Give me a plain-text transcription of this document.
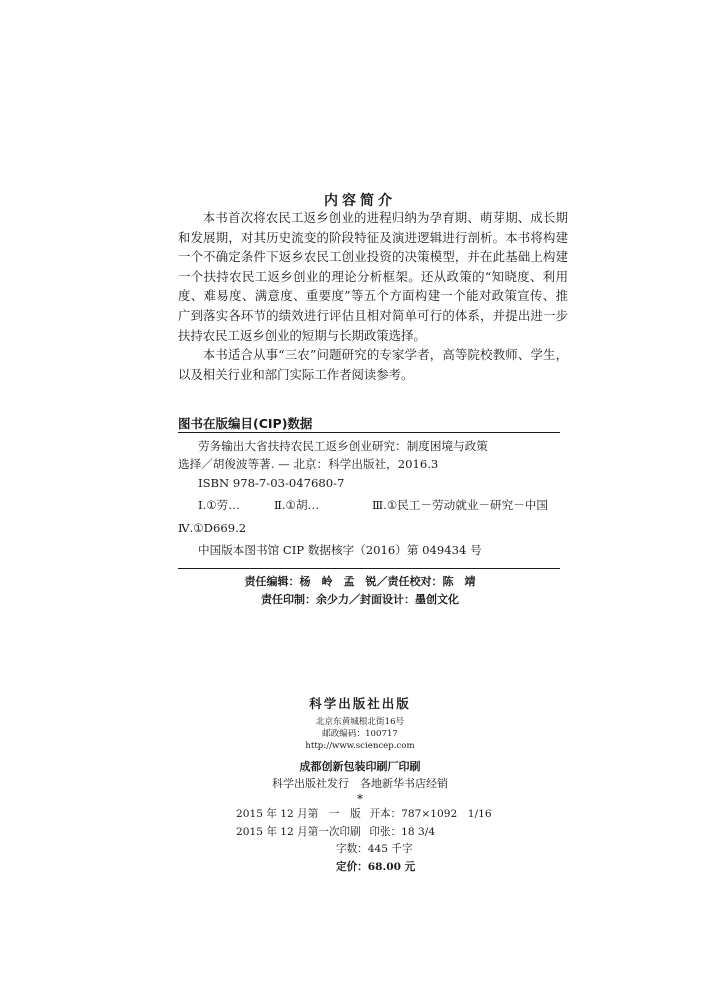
内容简介

本书首次将农民工返乡创业的进程归纳为孕育期、萌芽期、成长期和发展期，对其历史流变的阶段特征及演进逻辑进行剖析。本书将构建一个不确定条件下返乡农民工创业投资的决策模型，并在此基础上构建一个扶持农民工返乡创业的理论分析框架。还从政策的“知晓度、利用度、难易度、满意度、重要度”等五个方面构建一个能对政策宣传、推广到落实各环节的绩效进行评估且相对简单可行的体系，并提出进一步扶持农民工返乡创业的短期与长期政策选择。

本书适合从事“三农”问题研究的专家学者，高等院校教师、学生，以及相关行业和部门实际工作者阅读参考。

图书在版编目(CIP)数据
劳务输出大省扶持农民工返乡创业研究：制度困境与政策
选择／胡俊波等著. — 北京：科学出版社，2016.3
ISBN 978-7-03-047680-7
Ⅰ.①劳…	Ⅱ.①胡…	Ⅲ.①民工－劳动就业－研究－中国
Ⅳ.①D669.2
中国版本图书馆 CIP 数据核字（2016）第 049434 号
责任编辑：杨　岭　孟　锐／责任校对：陈　靖
责任印制：余少力／封面设计：墨创文化
科学出版社出版
北京东黄城根北街16号
邮政编码：100717
http://www.sciencep.com
成都创新包装印刷厂印刷
科学出版社发行　各地新华书店经销
*
2015 年 12 月第　一　版 开本：787×1092　1/16
2015 年 12 月第一次印刷 印张：18 3/4
字数：445 千字
定价：68.00 元
